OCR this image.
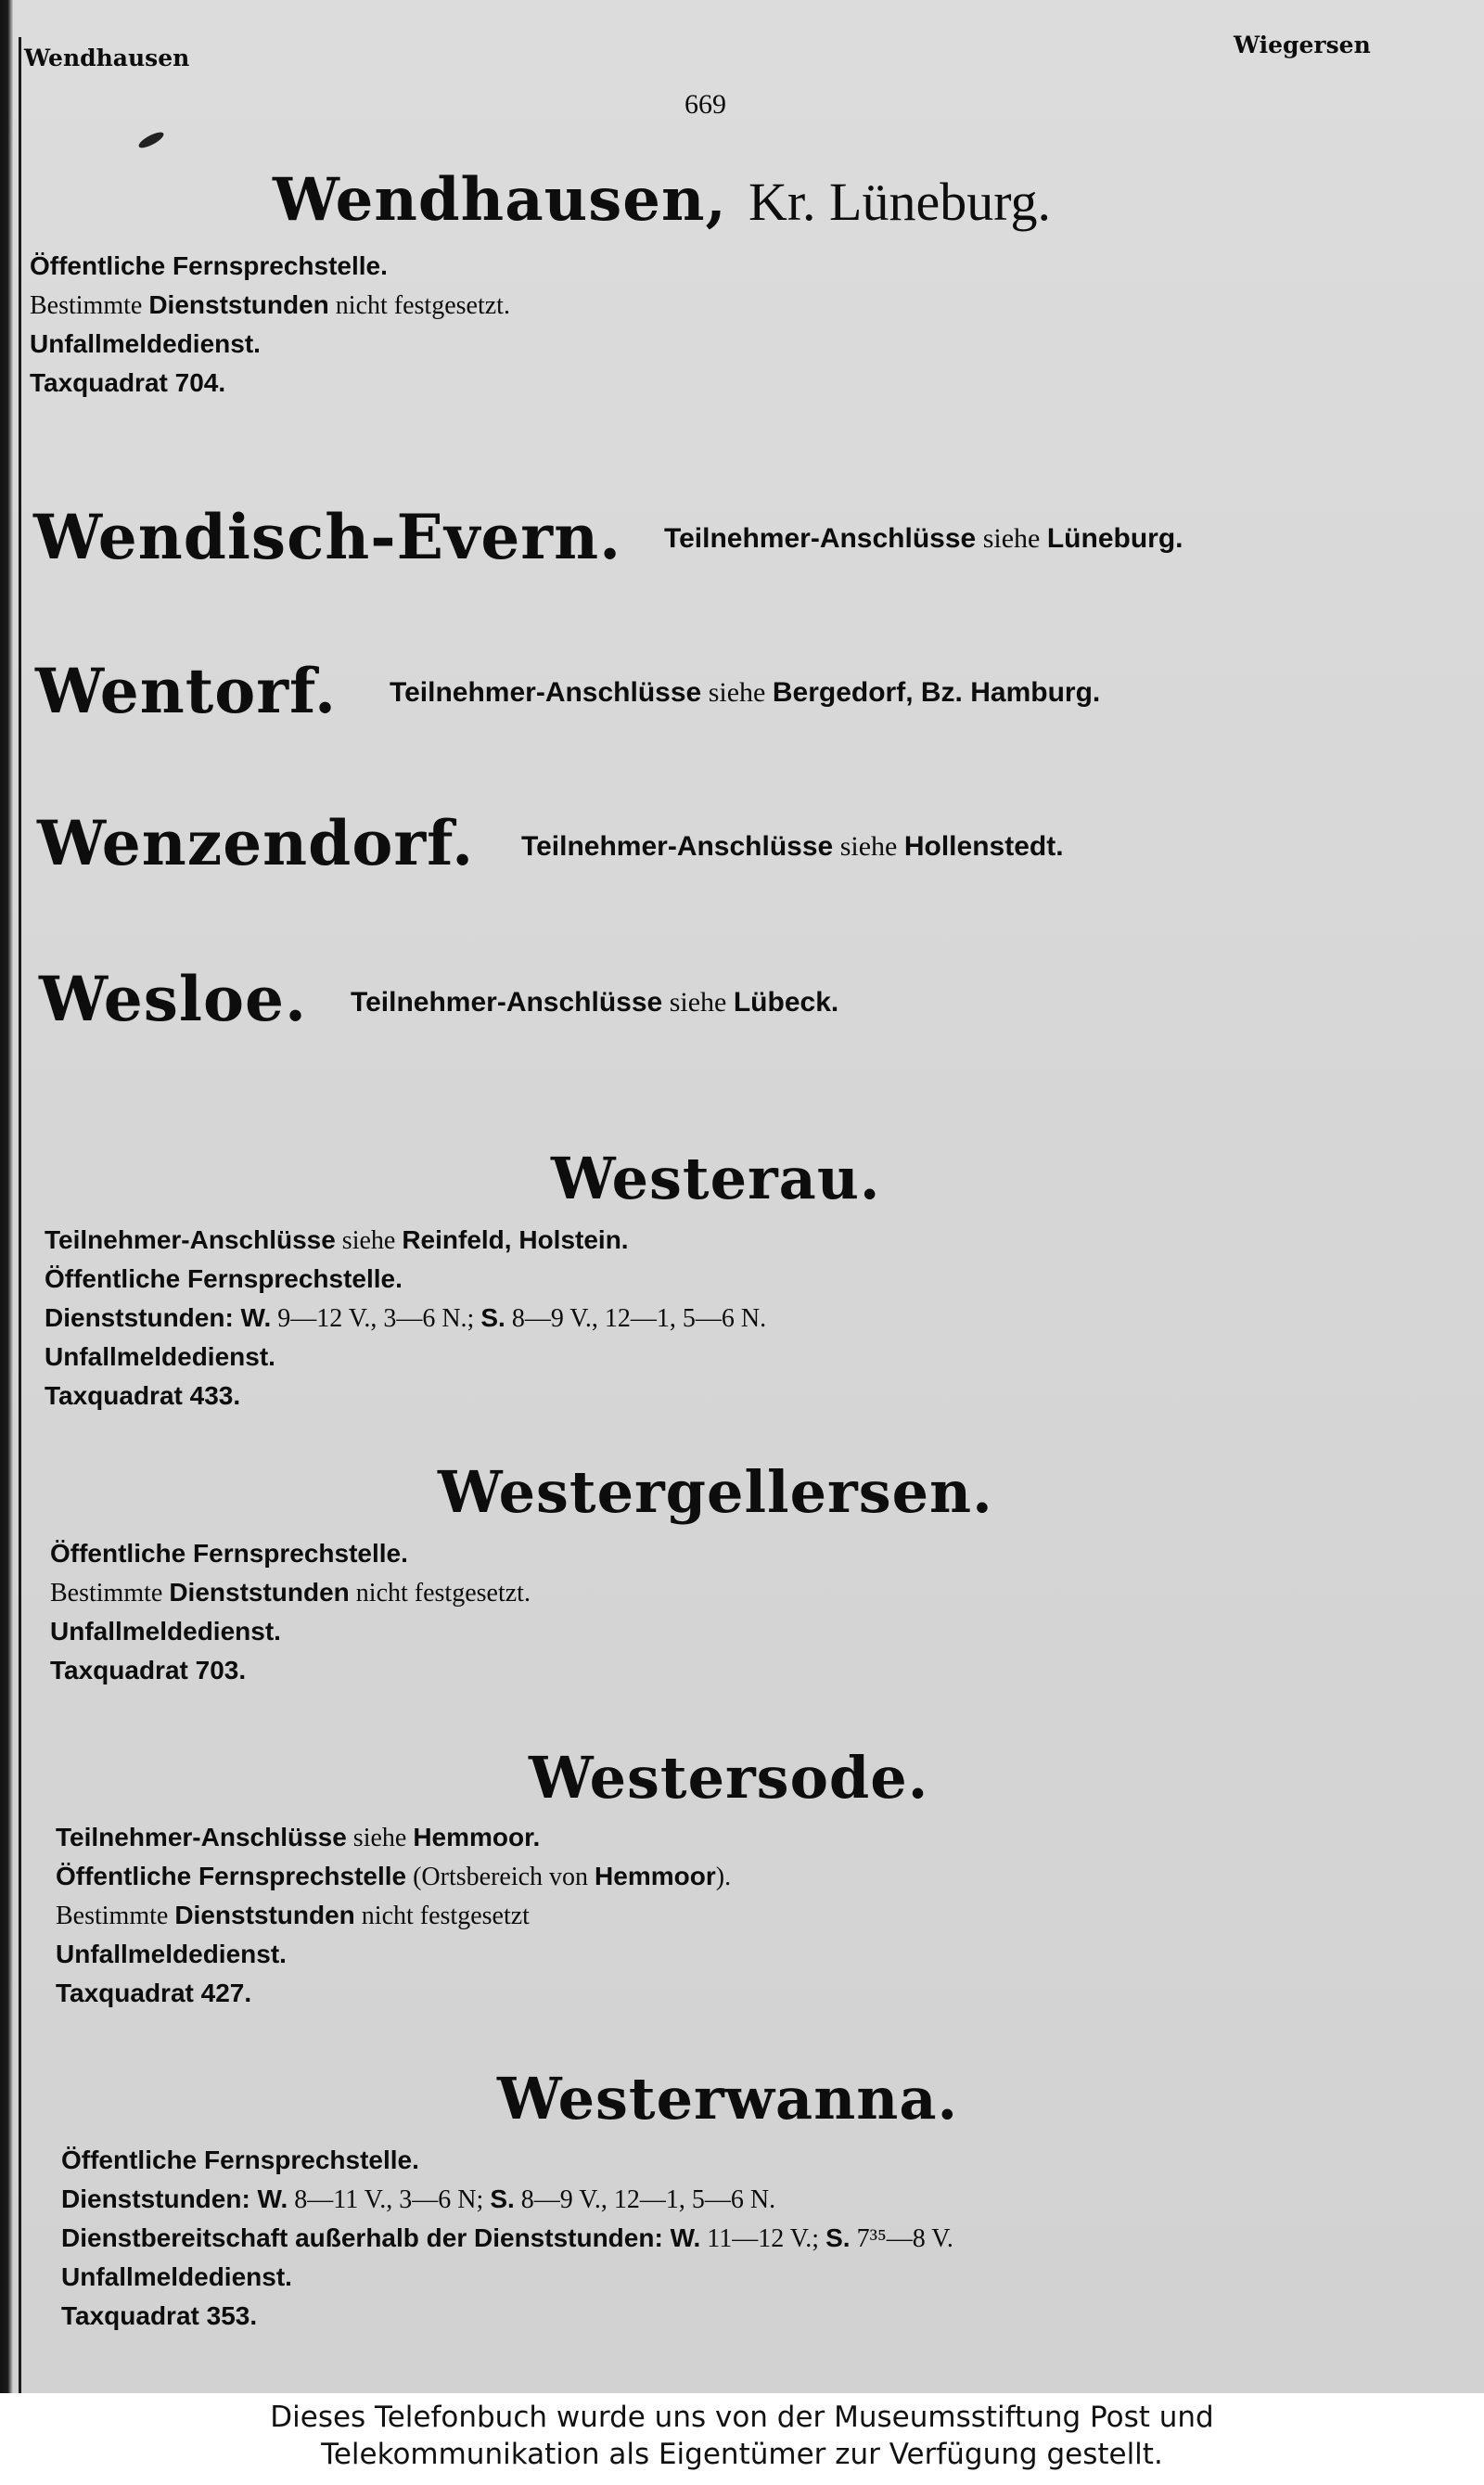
Wendhausen	Wiegersen
669
Wendhausen, Kr. Lüneburg.
Öffentliche Fernsprechstelle.
Bestimmte Dienststunden nicht festgesetzt.
Unfallmeldedienst.
Taxquadrat 704.
Wendisch-Evern. Teilnehmer-Anschlüsse siehe Lüneburg.
Wentorf. Teilnehmer-Anschlüsse siehe Bergedorf, Bz. Hamburg.
Wenzendorf. Teilnehmer-Anschlüsse siehe Hollenstedt.
Wesloe. Teilnehmer-Anschlüsse siehe Lübeck.
Westerau.
Teilnehmer-Anschlüsse siehe Reinfeld, Holstein.
Öffentliche Fernsprechstelle.
Dienststunden: W. 9—12 V., 3—6 N.; S. 8—9 V., 12—1, 5—6 N.
Unfallmeldedienst.
Taxquadrat 433.
Westergellersen.
Öffentliche Fernsprechstelle.
Bestimmte Dienststunden nicht festgesetzt.
Unfallmeldedienst.
Taxquadrat 703.
Westersode.
Teilnehmer-Anschlüsse siehe Hemmoor.
Öffentliche Fernsprechstelle (Ortsbereich von Hemmoor).
Bestimmte Dienststunden nicht festgesetzt
Unfallmeldedienst.
Taxquadrat 427.
Westerwanna.
Öffentliche Fernsprechstelle.
Dienststunden: W. 8—11 V., 3—6 N; S. 8—9 V., 12—1, 5—6 N.
Dienstbereitschaft außerhalb der Dienststunden: W. 11—12 V.; S. 7³⁵—8 V.
Unfallmeldedienst.
Taxquadrat 353.
Dieses Telefonbuch wurde uns von der Museumsstiftung Post und
Telekommunikation als Eigentümer zur Verfügung gestellt.
